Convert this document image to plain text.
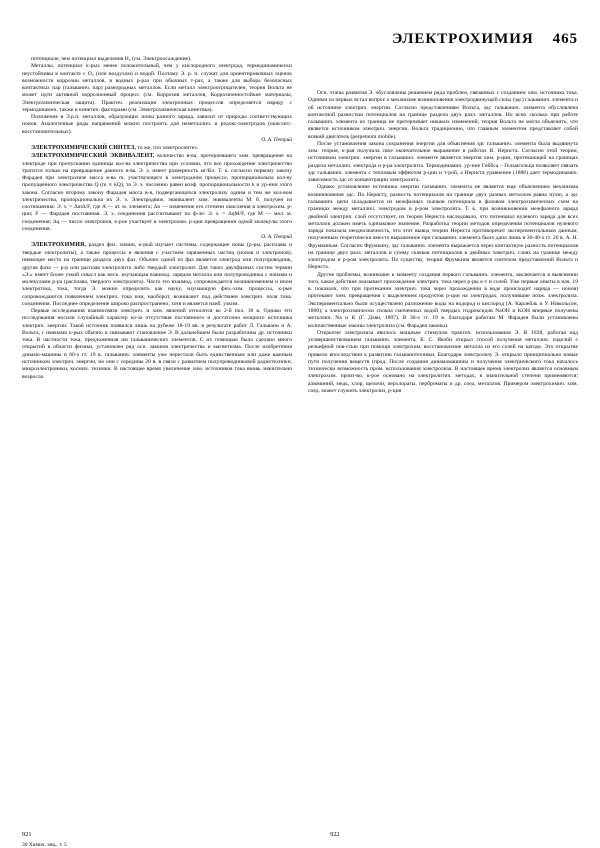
ЭЛЕКТРОХИМИЯ 465

потенциале, чем потенциал выделения H₂ (см. Электроосаждение).

Металлы, потенциал к-рых менее положительный, чем у кислородного электрода, термодинамически неустойчивы в контакте с O₂ (или воздухом) и водой. Поэтому Э. р. п. служат для ориентировочных оценок возможности коррозии металлов, в водных р-рах при обычных т-рах, а также для выбора безопасных контактных пар (гальванич. пар) разнородных металлов. Если металл электроотрицателен, теория Вольта не может идти активной коррозионный процесс (см. Коррозия металлов, Коррозионностойкие материалы, Электрохимическая защита). Практич. реализация электронных процессов определяется наряду с термодинамич. также и кинетич. факторами (см. Электрохимическая кинетика).

Положение в Э.р.п. металлов, образующих ионы разного заряда, зависит от природы соответствующих ионов. Аналогичные ряды напряжений можно построить для неметаллич. и редокс-электродов (окислит.-восстановительных).

О. А. Петрий

ЭЛЕКТРОХИМИЧЕСКИЙ СИНТЕЗ, то же, что электросинтез.

ЭЛЕКТРОХИМИЧЕСКИЙ ЭКВИВАЛЕНТ, количество в-ва, претерпевшего хим. превращение на электроде при пропускании единицы кол-ва электричества при условии, что все прохождение электричество тратится только на превращение данного в-ва. Э. э. имеет размерность мг/Кл. Т. к. согласно первому закону Фарадея при электролизе масса в-ва m, участвующего в электродном процессе, пропорциональна кол-ву пропущенного электричества Q (m ∝ kQ), то Э. э. численно равен коэф. пропорциональности k и ур-нии этого закона. Согласно второму закону Фарадея масса в-в, подвергающихся электролизу одним и тем же кол-вом электричества, пропорциональна их Э. э. Электродвиж. эквивалент хим. эквиваленты M. б. получен из соотношения: Э. э. = ΔmΔ/F, где A — ат. м. элемента; Δn — изменение его степени окисления в электрохим. р-ции; F — Фарадея постоянная. Э. э. соединения рассчитывают по ф-ле: Э. э. = ΔqM/F, где M — мол. м. соединения; Δq — число электронов, к-рое участвует в электрохим. р-ции превращении одной молекулы этого соединения.

О. А. Петрий

ЭЛЕКТРОХИМИЯ, раздел физ. химии, к-рый изучает системы, содержащие ионы (р-ры, расплавы и твердые электролиты), а также процессы и явления с участием заряженных частиц (ионов и электронов), имеющие место на границе раздела двух фаз. Обычно одной из фаз является электрод или полупроводник, другая фаза — р-р или расплав электролита либо твердый электролит. Для таких двухфазных систем термин «Э.» имеет более узкий смысл как неск. изучающая взаимод. зарядов металла или полупроводника с ионами и молекулами р-ра (расплава, твердого электролита). Часто это взаимод. сопровождается возникновением и ином электротока, тока, тогда Э. можно определить как науку, изучающую физ.-хим. процессы, к-рые сопровождаются появлением электрич. тока или, наоборот, возникают под действием электрич. поля тока. соединения. Последнее определение широко распространено, хотя и является наиб. узким.

Первые исследования взаимосвязи электрич. и хим. явлений относятся ко 2-й пол. 18 в. Однако эти исследования носили случайный характер из-за отсутствия постоянного и достаточно мощного источника электрич. энергии. Такой источник появился лишь на рубеже 18-19 вв. в результате работ Л. Гальвани и А. Вольта, с именами к-рых обычно и связывают становление Э. В дальнейшем были разработаны др. источники тока. В частности тока, предложенная им гальванических элементов. С их помощью было сделано много открытий в области физики, установлен ряд осн. законов электричества и магнетизма. После изобретения динамо-машины в 60-х гг. 19 в. гальванич. элементы уже перестали быть единственным или даже важным источником электрич. энергии, но они с середины 20 в. в связи с развитием полупроводниковой радиотехники, микроэлектроники, космич. техники. В настоящее время увеличение хим. источников тока вновь значительно возросло.

Осн. этапы развития Э. обусловлены решением ряда проблем, связанных с созданием хим. источника тока. Одними из первых встал вопрос о механизме возникновения электродвижущей силы (эдс) гальванич. элемента и об источнике электрич. энергии. Согласно представлениям Вольта, эдс гальванич. элемента обусловлена контактной разностью потенциалов на границе раздела двух разл. металлов. Но ясно сколько при работе гальванич. элемента их граница не претерпевает никаких изменений, теория Вольта не могла объяснить, что является источником электрич. энергии. Вольта традиционно, что главным элементом представляет собой всякий двигатель (perpetuum mobile).

После установления закона сохранения энергии для объяснения эдс гальванич. элемента была выдвинута хим. теория, к-рая получила свое окончательное выражение в работах В. Нернста. Согласно этой теории, источником электрич. энергии в гальванич. элементе является энергия хим. р-ции, протекающей на границах раздела металлич. электрода и р-ра электролита. Термодинамич. ур-ние Гиббса – Гельмгольца позволяет связать эдс гальванич. элемента с тепловым эффектом р-ции и т-рой, а Нернста уравнение (1888) дает термодинамич. зависимость эдс от концентрации электролита.

Однако установление источника энергии гальванич. элемента не является еще объяснением механизма возникновения эдс. По Нернсту, разность потенциалов на границе двух разных металлов равна нулю, а эдс гальванич. цепи складывается из межфазных скачков потенциала в фазовом электрохимических схем на границах между металлич. электродом и р-ром электролита. Т. к. при возникновении межфазного заряда двойной электрич. слой отсутствует, из теории Нернста наследовало, что потенциал нулевого заряда для всех металлов должен иметь одинаковое значение. Разработка теории методов определения потенциалов нулевого заряда показала неоднозначность, что этот вывод теории Нернста противоречит экспериментальным данным, полученным теоретически вместо выраженное при гальванич. элемента было дано лишь в 30-40-х гг. 20 в. А. Н. Фрумкиным. Согласно Фрумкину, эдс гальванич. элемента выражается через контактную разность потенциалов на границе двух разл. металлов и сумму скачков потенциалов в двойных электрич. слоях на границе между электродом и р-ром электролита. По существу, теории Фрумкина является синтезом представлений Вольта и Нернста.

Другие проблемы, возникшие к моменту создания первого гальванич. элемента, заключается в выяснении того, какое действие оказывает прохождение электрич. тока через р-ры к-т и солей. Уже первые опыты в нач. 19 в. показали, что при протекании электрич. тока через прохождении в воде происходит наряда — ионов) протекают хим. превращения с выделением продуктов р-ции на электродах, получившие позж. электролиза. Экспериментально были осуществлено разложение воды на водород и кислород (А. Карлейль и У. Никольсон, 1800), а электрохимически сильна смоченных водой твердых гидроксидов NaOH и KOH впервые получены металлич. Na и K (Г. Дэви, 1807). В 30-х гг. 19 в. благодаря работам М. Фарадея были установлены количественные законы электролиза (см. Фарадея законы).

Открытие электролиза явилось мощным стимулом практич. использования Э. В 1838, работая над усовершенствованием гальванич. элемента, Б. С. Якоби открыл способ получения металлич. изделий с рельефной пов-стью при помощи электрохим. восстановление металла из его солей на катоде. Это открытие привело впоследствии к развитию гальванотехники. Благодаря электролизу Э. открыло принципиально новые пути получения веществ (прод. После создания динамомашины и получения электрического тока началось технически возможность пром. использования электролиза. В настоящее время электролиз является основным электрохим. произ-во, к-рое основано на электролитич. методах, в значительной степени применяются: алюминий, медь, хлор, щелочи, перхлораты, перброматы и др. соед. металлов. Примером электрохимич. хим. соед. может служить электролиз, р-ция

921	922
30 Химич. энц., т. 5
